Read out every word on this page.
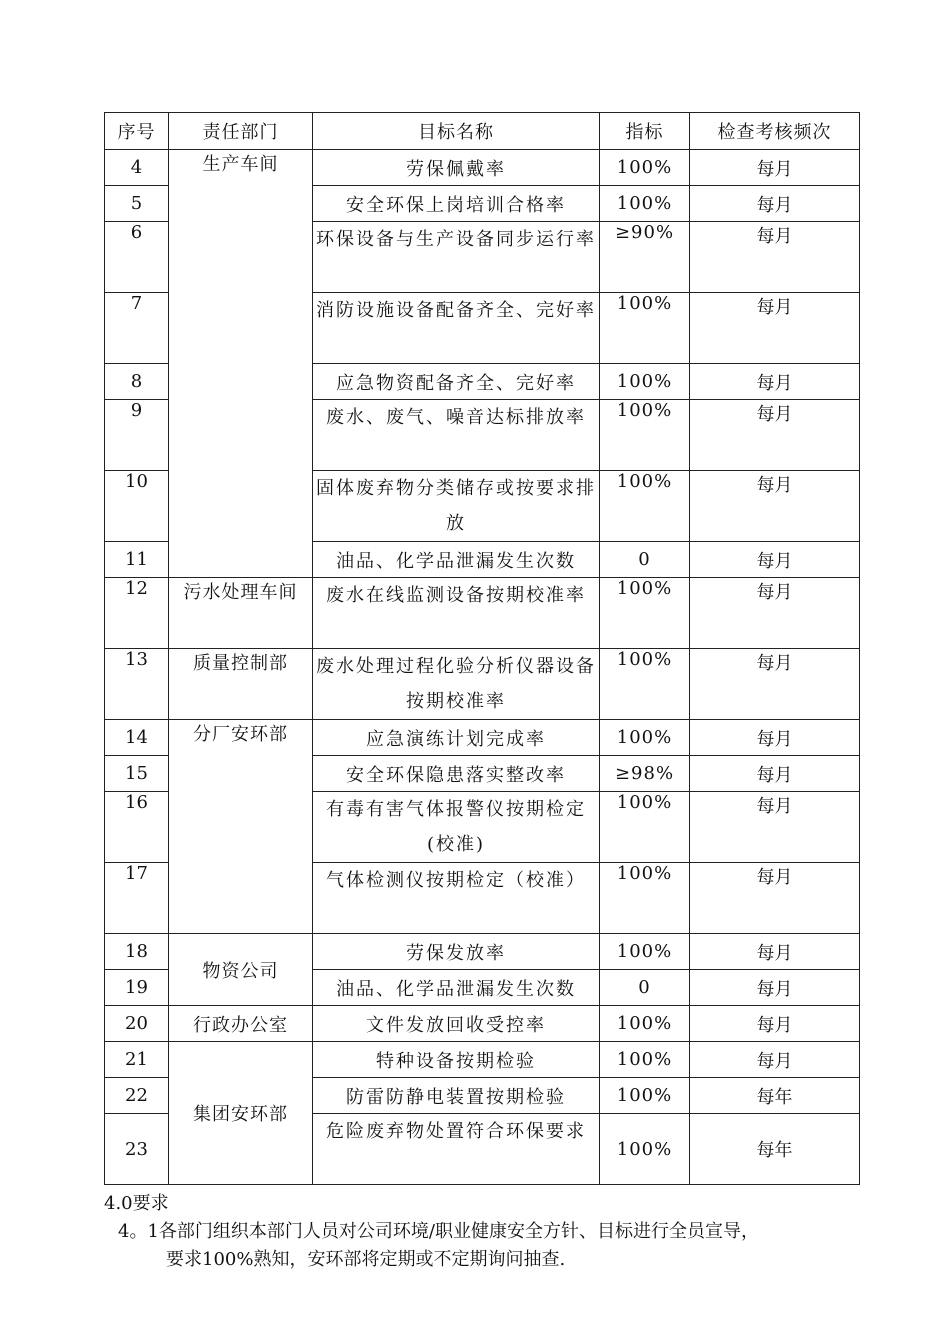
序号	责任部门	目标名称	指标	检查考核频次
4	生产车间	劳保佩戴率	100%	每月
5		安全环保上岗培训合格率	100%	每月
6		环保设备与生产设备同步运行率	≥90%	每月
7		消防设施设备配备齐全、完好率	100%	每月
8		应急物资配备齐全、完好率	100%	每月
9		废水、废气、噪音达标排放率	100%	每月
10		固体废弃物分类储存或按要求排放	100%	每月
11		油品、化学品泄漏发生次数	0	每月
12	污水处理车间	废水在线监测设备按期校准率	100%	每月
13	质量控制部	废水处理过程化验分析仪器设备按期校准率	100%	每月
14	分厂安环部	应急演练计划完成率	100%	每月
15		安全环保隐患落实整改率	≥98%	每月
16		有毒有害气体报警仪按期检定(校准)	100%	每月
17		气体检测仪按期检定（校准）	100%	每月
18	物资公司	劳保发放率	100%	每月
19		油品、化学品泄漏发生次数	0	每月
20	行政办公室	文件发放回收受控率	100%	每月
21	集团安环部	特种设备按期检验	100%	每月
22		防雷防静电装置按期检验	100%	每年
23		危险废弃物处置符合环保要求	100%	每年

4.0要求

4。1各部门组织本部门人员对公司环境/职业健康安全方针、目标进行全员宣导，

要求100%熟知，安环部将定期或不定期询问抽查.
